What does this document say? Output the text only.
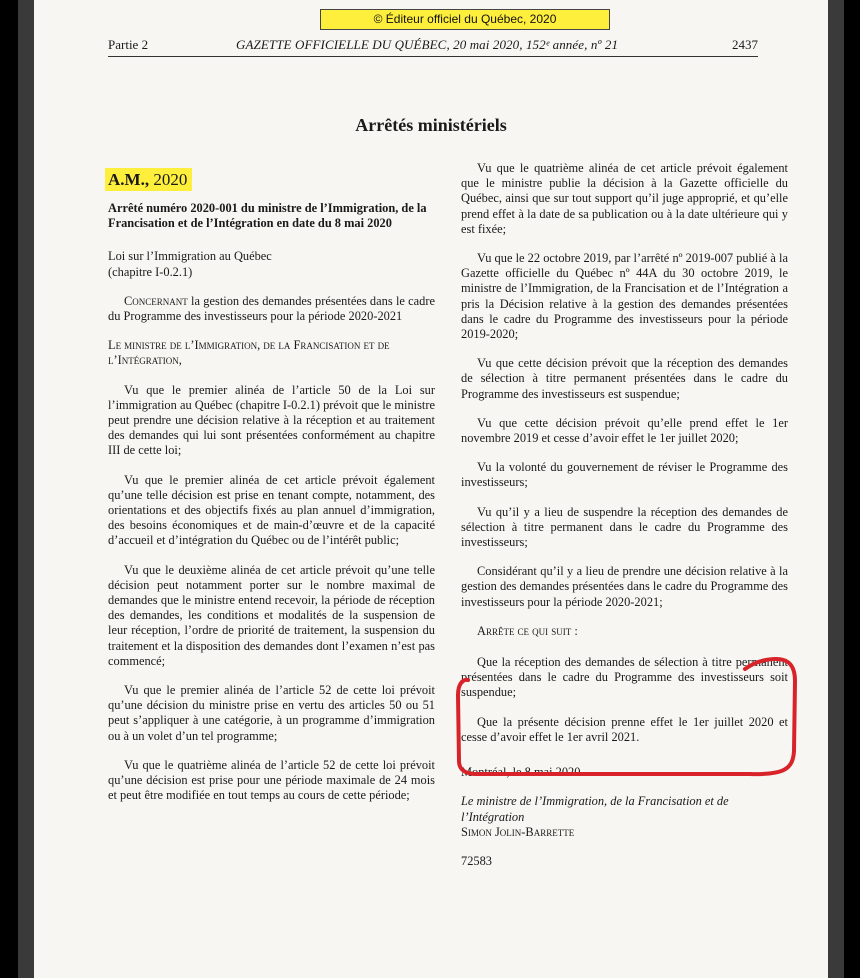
© Éditeur officiel du Québec, 2020
Partie 2	GAZETTE OFFICIELLE DU QUÉBEC, 20 mai 2020, 152ᵉ année, nº 21	2437
Arrêtés ministériels
A.M., 2020

Arrêté numéro 2020-001 du ministre de l’Immigration, de la Francisation et de l’Intégration en date du 8 mai 2020

Loi sur l’Immigration au Québec
(chapitre I-0.2.1)

Concernant la gestion des demandes présentées dans le cadre du Programme des investisseurs pour la période 2020-2021

Le ministre de l’Immigration, de la Francisation et de l’Intégration,

Vu que le premier alinéa de l’article 50 de la Loi sur l’immigration au Québec (chapitre I-0.2.1) prévoit que le ministre peut prendre une décision relative à la réception et au traitement des demandes qui lui sont présentées conformément au chapitre III de cette loi;

Vu que le premier alinéa de cet article prévoit également qu’une telle décision est prise en tenant compte, notamment, des orientations et des objectifs fixés au plan annuel d’immigration, des besoins économiques et de main-d’œuvre et de la capacité d’accueil et d’intégration du Québec ou de l’intérêt public;

Vu que le deuxième alinéa de cet article prévoit qu’une telle décision peut notamment porter sur le nombre maximal de demandes que le ministre entend recevoir, la période de réception des demandes, les conditions et modalités de la suspension de leur réception, l’ordre de priorité de traitement, la suspension du traitement et la disposition des demandes dont l’examen n’est pas commencé;

Vu que le premier alinéa de l’article 52 de cette loi prévoit qu’une décision du ministre prise en vertu des articles 50 ou 51 peut s’appliquer à une catégorie, à un programme d’immigration ou à un volet d’un tel programme;

Vu que le quatrième alinéa de l’article 52 de cette loi prévoit qu’une décision est prise pour une période maximale de 24 mois et peut être modifiée en tout temps au cours de cette période;

Vu que le quatrième alinéa de cet article prévoit également que le ministre publie la décision à la Gazette officielle du Québec, ainsi que sur tout support qu’il juge approprié, et qu’elle prend effet à la date de sa publication ou à la date ultérieure qui y est fixée;

Vu que le 22 octobre 2019, par l’arrêté nº 2019-007 publié à la Gazette officielle du Québec nº 44A du 30 octobre 2019, le ministre de l’Immigration, de la Francisation et de l’Intégration a pris la Décision relative à la gestion des demandes présentées dans le cadre du Programme des investisseurs pour la période 2019-2020;

Vu que cette décision prévoit que la réception des demandes de sélection à titre permanent présentées dans le cadre du Programme des investisseurs est suspendue;

Vu que cette décision prévoit qu’elle prend effet le 1er novembre 2019 et cesse d’avoir effet le 1er juillet 2020;

Vu la volonté du gouvernement de réviser le Programme des investisseurs;

Vu qu’il y a lieu de suspendre la réception des demandes de sélection à titre permanent dans le cadre du Programme des investisseurs;

Considérant qu’il y a lieu de prendre une décision relative à la gestion des demandes présentées dans le cadre du Programme des investisseurs pour la période 2020-2021;

Arrête ce qui suit :

Que la réception des demandes de sélection à titre permanent présentées dans le cadre du Programme des investisseurs soit suspendue;

Que la présente décision prenne effet le 1er juillet 2020 et cesse d’avoir effet le 1er avril 2021.

Montréal, le 8 mai 2020

Le ministre de l’Immigration, de la Francisation et de l’Intégration

Simon Jolin-Barrette

72583
